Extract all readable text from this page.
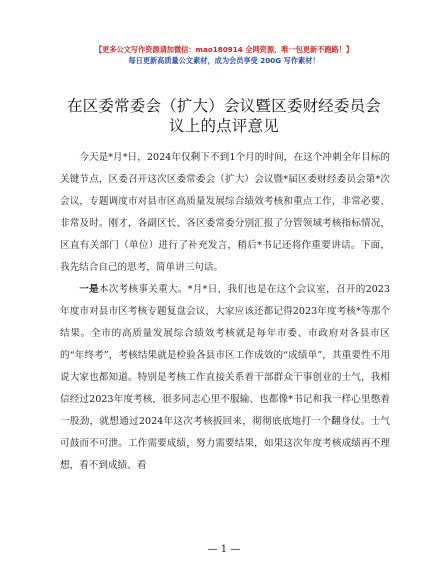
【更多公文写作资源请加微信：mao180914 全网资源，唯一包更新不跑路！】
每日更新高质量公文素材，成为会员享受 200G 写作素材！
在区委常委会（扩大）会议暨区委财经委员会
议上的点评意见

今天是*月*日，2024年仅剩下不到1个月的时间，在这个冲刺全年目标的关键节点，区委召开这次区委常委会（扩大）会议暨*届区委财经委员会第*次会议，专题调度市对县市区高质量发展综合绩效考核和重点工作，非常必要、非常及时。刚才，各副区长、各区委常委分别汇报了分管领域考核指标情况，区直有关部门（单位）进行了补充发言，稍后*书记还将作重要讲话。下面，我先结合自己的思考，简单讲三句话。

一是本次考核事关重大。*月*日，我们也是在这个会议室，召开的2023年度市对县市区考核专题复盘会议，大家应该还都记得2023年度考核*等那个结果。全市的高质量发展综合绩效考核就是每年市委、市政府对各县市区的“年终考”，考核结果就是检验各县市区工作成效的“成绩单”，其重要性不用说大家也都知道。特别是考核工作直接关系着干部群众干事创业的士气，我相信经过2023年度考核，很多同志心里不服输、也都像*书记和我一样心里憋着一股劲，就想通过2024年这次考核扳回来，彻彻底底地打一个翻身仗。士气可鼓而不可泄。工作需要成绩，努力需要结果，如果这次年度考核成绩再不理想，看不到成绩、看

— 1 —
